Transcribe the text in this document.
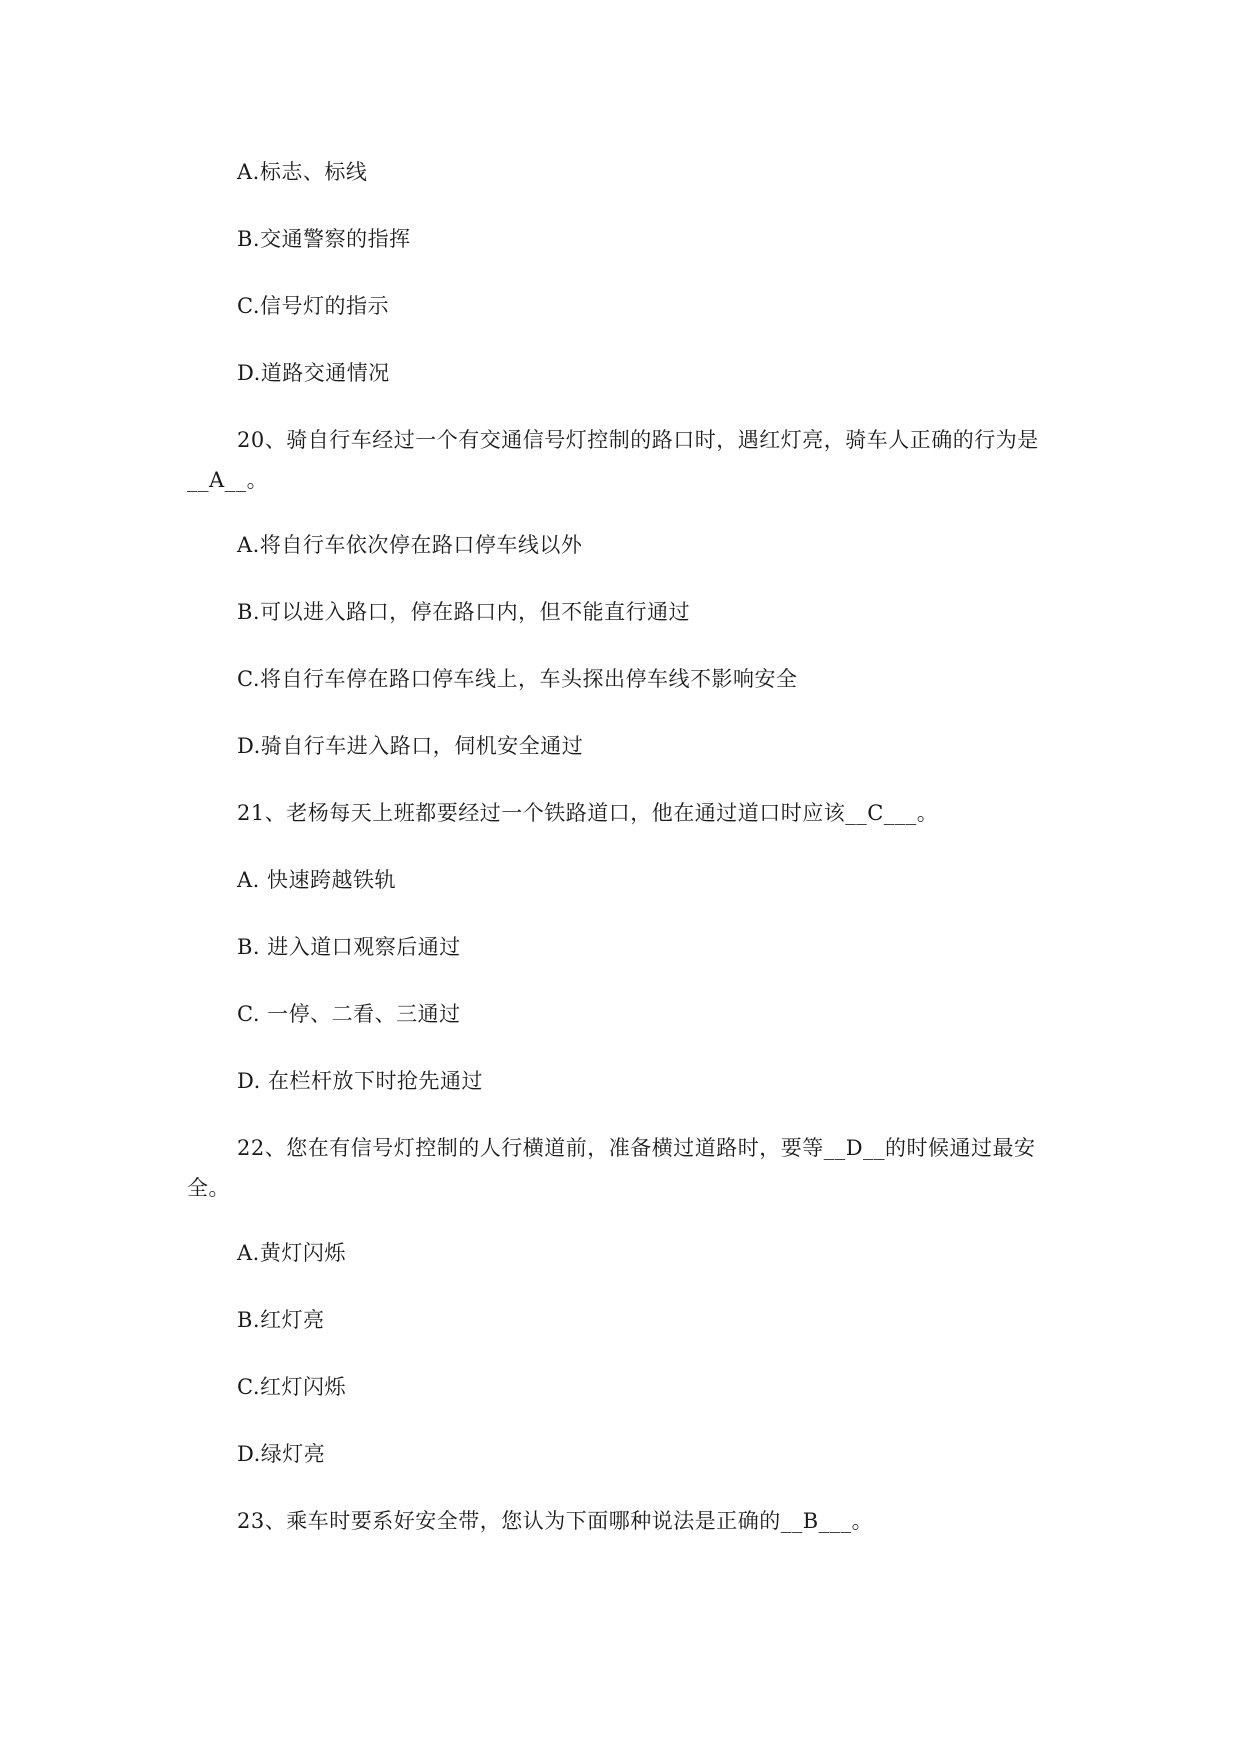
A.标志、标线
B.交通警察的指挥
C.信号灯的指示
D.道路交通情况
20、骑自行车经过一个有交通信号灯控制的路口时，遇红灯亮，骑车人正确的行为是
__A__。
A.将自行车依次停在路口停车线以外
B.可以进入路口，停在路口内，但不能直行通过
C.将自行车停在路口停车线上，车头探出停车线不影响安全
D.骑自行车进入路口，伺机安全通过
21、老杨每天上班都要经过一个铁路道口，他在通过道口时应该__C___。
A. 快速跨越铁轨
B. 进入道口观察后通过
C. 一停、二看、三通过
D. 在栏杆放下时抢先通过
22、您在有信号灯控制的人行横道前，准备横过道路时，要等__D__的时候通过最安
全。
A.黄灯闪烁
B.红灯亮
C.红灯闪烁
D.绿灯亮
23、乘车时要系好安全带，您认为下面哪种说法是正确的__B___。
